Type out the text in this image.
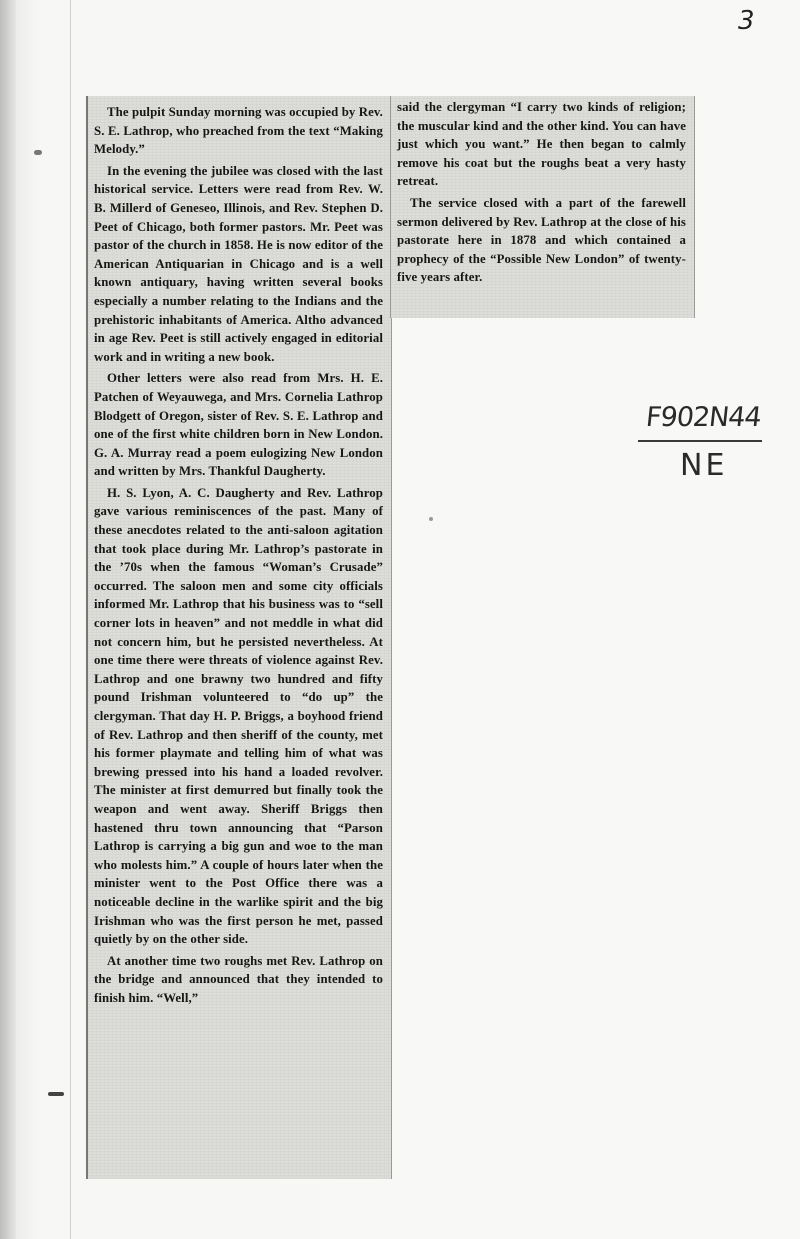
3

The pulpit Sunday morning was occupied by Rev. S. E. Lathrop, who preached from the text “Making Melody.”

In the evening the jubilee was closed with the last historical service. Letters were read from Rev. W. B. Millerd of Geneseo, Illinois, and Rev. Stephen D. Peet of Chicago, both former pastors. Mr. Peet was pastor of the church in 1858. He is now editor of the American Antiquarian in Chicago and is a well known antiquary, having written several books especially a number relating to the Indians and the prehistoric inhabitants of America. Altho advanced in age Rev. Peet is still actively engaged in editorial work and in writing a new book.

Other letters were also read from Mrs. H. E. Patchen of Weyauwega, and Mrs. Cornelia Lathrop Blodgett of Oregon, sister of Rev. S. E. Lathrop and one of the first white children born in New London. G. A. Murray read a poem eulogizing New London and written by Mrs. Thankful Daugherty.

H. S. Lyon, A. C. Daugherty and Rev. Lathrop gave various reminiscences of the past. Many of these anecdotes related to the anti-saloon agitation that took place during Mr. Lathrop’s pastorate in the ’70s when the famous “Woman’s Crusade” occurred. The saloon men and some city officials informed Mr. Lathrop that his business was to “sell corner lots in heaven” and not meddle in what did not concern him, but he persisted nevertheless. At one time there were threats of violence against Rev. Lathrop and one brawny two hundred and fifty pound Irishman volunteered to “do up” the clergyman. That day H. P. Briggs, a boyhood friend of Rev. Lathrop and then sheriff of the county, met his former playmate and telling him of what was brewing pressed into his hand a loaded revolver. The minister at first demurred but finally took the weapon and went away. Sheriff Briggs then hastened thru town announcing that “Parson Lathrop is carrying a big gun and woe to the man who molests him.” A couple of hours later when the minister went to the Post Office there was a noticeable decline in the warlike spirit and the big Irishman who was the first person he met, passed quietly by on the other side.

At another time two roughs met Rev. Lathrop on the bridge and announced that they intended to finish him. “Well,”

said the clergyman “I carry two kinds of religion; the muscular kind and the other kind. You can have just which you want.” He then began to calmly remove his coat but the roughs beat a very hasty retreat.

The service closed with a part of the farewell sermon delivered by Rev. Lathrop at the close of his pastorate here in 1878 and which contained a prophecy of the “Possible New London” of twenty-five years after.

F902N44
NE
